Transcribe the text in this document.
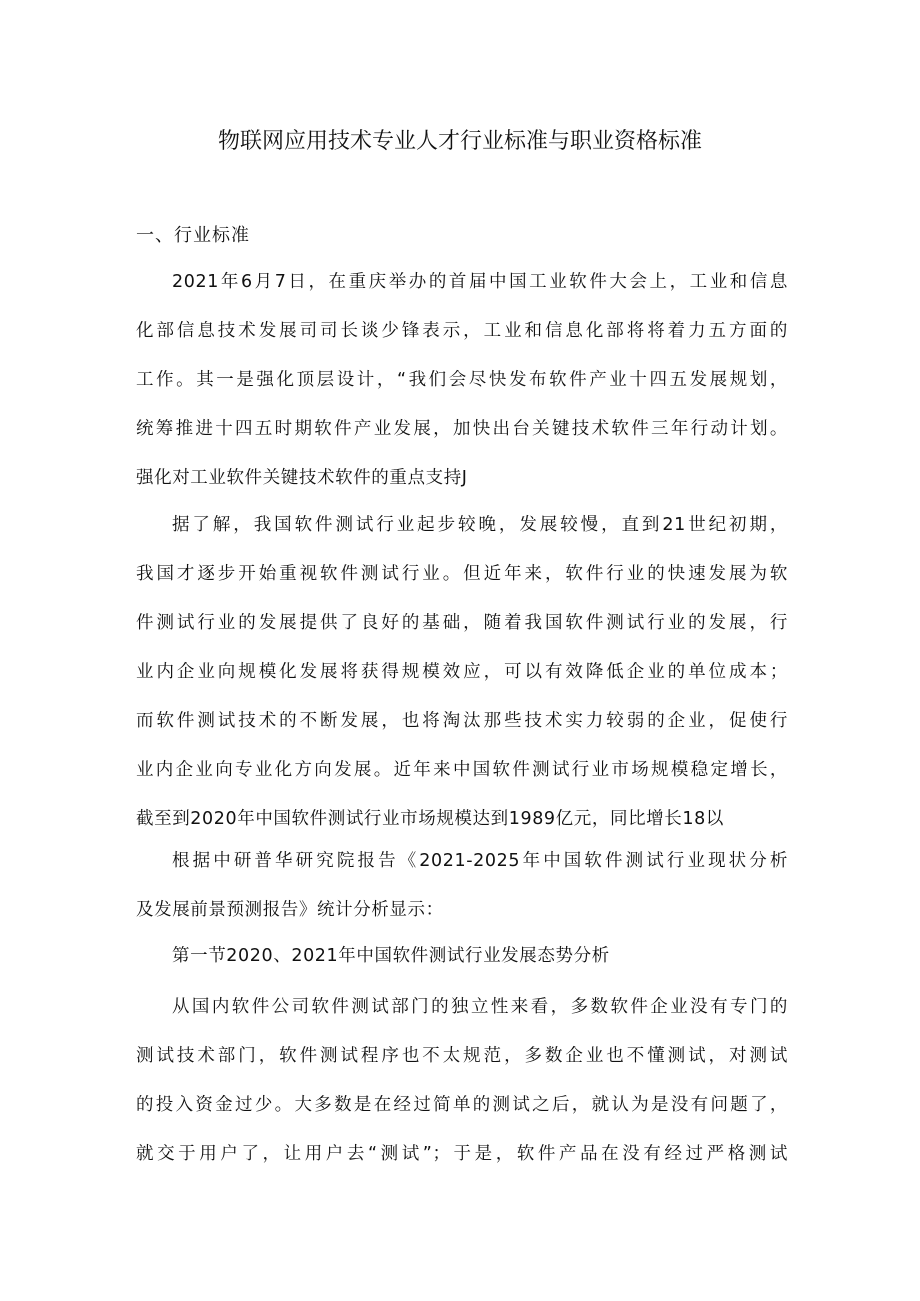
物联网应用技术专业人才行业标准与职业资格标准
一、行业标准
2021年6月7日，在重庆举办的首届中国工业软件大会上，工业和信息
化部信息技术发展司司长谈少锋表示，工业和信息化部将将着力五方面的
工作。其一是强化顶层设计，“我们会尽快发布软件产业十四五发展规划，
统筹推进十四五时期软件产业发展，加快出台关键技术软件三年行动计划。
强化对工业软件关键技术软件的重点支持J
据了解，我国软件测试行业起步较晚，发展较慢，直到21世纪初期，
我国才逐步开始重视软件测试行业。但近年来，软件行业的快速发展为软
件测试行业的发展提供了良好的基础，随着我国软件测试行业的发展，行
业内企业向规模化发展将获得规模效应，可以有效降低企业的单位成本；
而软件测试技术的不断发展，也将淘汰那些技术实力较弱的企业，促使行
业内企业向专业化方向发展。近年来中国软件测试行业市场规模稳定增长，
截至到2020年中国软件测试行业市场规模达到1989亿元，同比增长18以
根据中研普华研究院报告《2021-2025年中国软件测试行业现状分析
及发展前景预测报告》统计分析显示：
第一节2020、2021年中国软件测试行业发展态势分析
从国内软件公司软件测试部门的独立性来看，多数软件企业没有专门的
测试技术部门，软件测试程序也不太规范，多数企业也不懂测试，对测试
的投入资金过少。大多数是在经过简单的测试之后，就认为是没有问题了，
就交于用户了，让用户去“测试”；于是，软件产品在没有经过严格测试
